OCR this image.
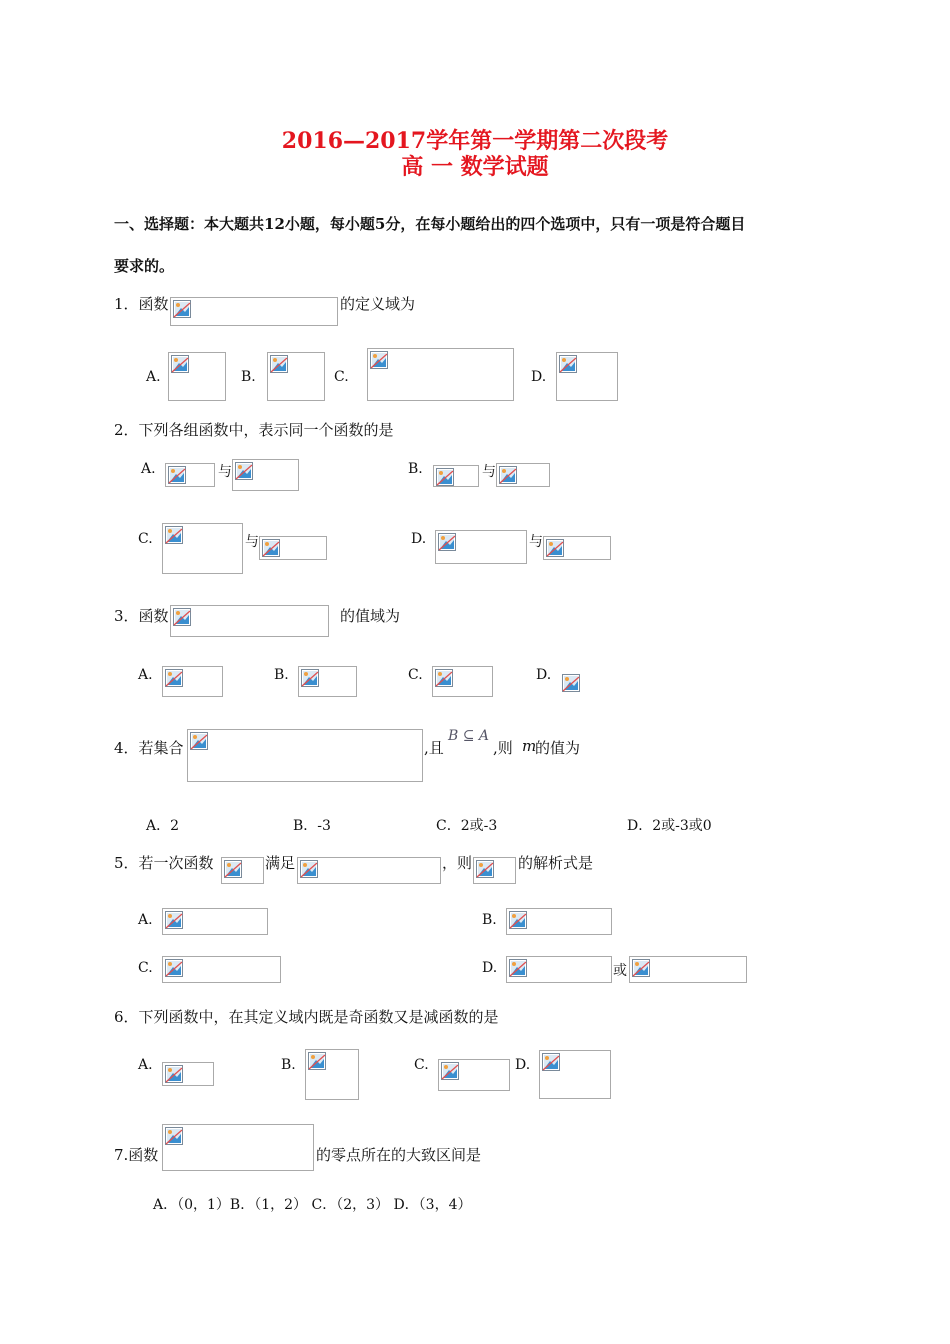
2016—2017学年第一学期第二次段考
高 一 数学试题
一、选择题：本大题共12小题，每小题5分，在每小题给出的四个选项中，只有一项是符合题目
要求的。
1．函数	的定义域为
A.	B.	C.	D.
2．下列各组函数中，表示同一个函数的是
A.	与	B.	与
C.	与	D.	与
3．函数	的值域为
A.	B.	C.	D.
4．若集合	,且
B ⊆ A
,则 m
的值为
A．2	B．-3	C．2或-3	D．2或-3或0
5．若一次函数	满足	，则	的解析式是
A.	B.
C.	D.	或
6．下列函数中，在其定义域内既是奇函数又是减函数的是
A.	B.	C.	D.
7.函数	的零点所在的大致区间是
A．（0，1）B．（1，2） C．（2，3） D．（3，4）
